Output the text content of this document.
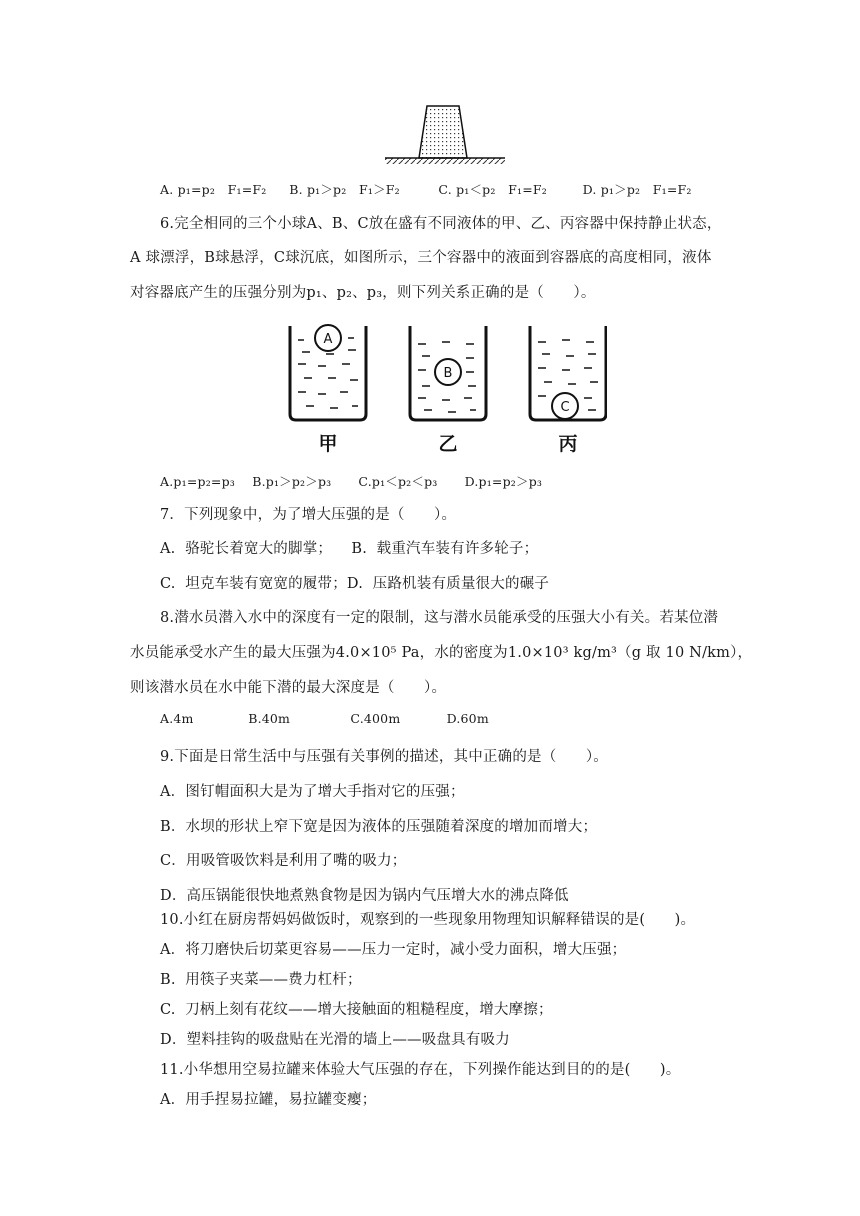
A. p₁=p₂ F₁=F₂ B. p₁＞p₂ F₁＞F₂	C. p₁＜p₂ F₁=F₂	D. p₁＞p₂ F₁=F₂
6.完全相同的三个小球A、B、C放在盛有不同液体的甲、乙、丙容器中保持静止状态，
A 球漂浮，B球悬浮，C球沉底，如图所示，三个容器中的液面到容器底的高度相同，液体
对容器底产生的压强分别为p₁、p₂、p₃，则下列关系正确的是（　　）。
A
甲
B
乙
C
丙
A.p₁=p₂=p₃ B.p₁＞p₂＞p₃ C.p₁＜p₂＜p₃ D.p₁=p₂＞p₃
7．下列现象中，为了增大压强的是（　　）。
A.  骆驼长着宽大的脚掌；    B.  载重汽车装有许多轮子；
C.  坦克车装有宽宽的履带；D.  压路机装有质量很大的碾子
8.潜水员潜入水中的深度有一定的限制，这与潜水员能承受的压强大小有关。若某位潜
水员能承受水产生的最大压强为4.0×10⁵ Pa，水的密度为1.0×10³ kg/m³（g 取 10 N/km），
则该潜水员在水中能下潜的最大深度是（　　）。
A.4m	B.40m	C.400m	D.60m
9.下面是日常生活中与压强有关事例的描述，其中正确的是（　　）。
A．图钉帽面积大是为了增大手指对它的压强；
B．水坝的形状上窄下宽是因为液体的压强随着深度的增加而增大；
C．用吸管吸饮料是利用了嘴的吸力；
D．高压锅能很快地煮熟食物是因为锅内气压增大水的沸点降低
10.小红在厨房帮妈妈做饭时，观察到的一些现象用物理知识解释错误的是(　　)。
A．将刀磨快后切菜更容易——压力一定时，减小受力面积，增大压强；
B.  用筷子夹菜——费力杠杆；
C.  刀柄上刻有花纹——增大接触面的粗糙程度，增大摩擦；
D．塑料挂钩的吸盘贴在光滑的墙上——吸盘具有吸力
11.小华想用空易拉罐来体验大气压强的存在，下列操作能达到目的的是(　　)。
A．用手捏易拉罐，易拉罐变瘿；
